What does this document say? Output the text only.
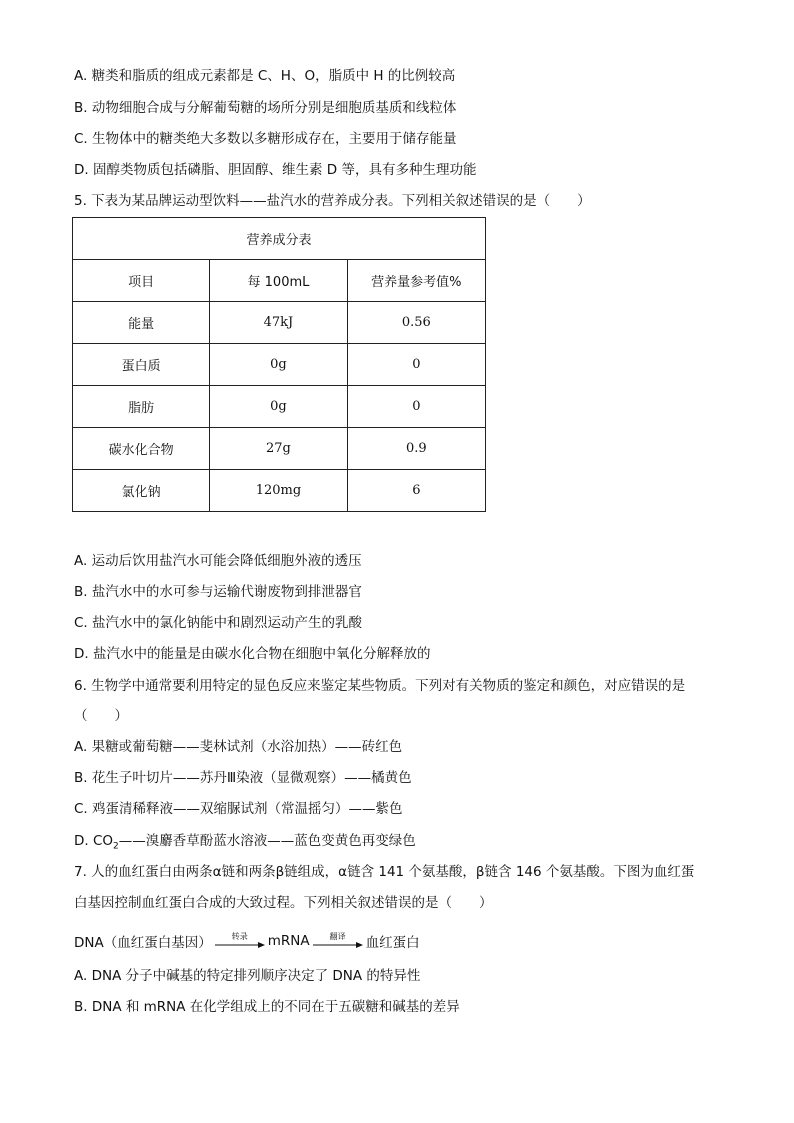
A. 糖类和脂质的组成元素都是 C、H、O，脂质中 H 的比例较高
B. 动物细胞合成与分解葡萄糖的场所分别是细胞质基质和线粒体
C. 生物体中的糖类绝大多数以多糖形成存在，主要用于储存能量
D. 固醇类物质包括磷脂、胆固醇、维生素 D 等，具有多种生理功能
5. 下表为某品牌运动型饮料——盐汽水的营养成分表。下列相关叙述错误的是（　　）
营养成分表		
项目	每 100mL	营养量参考值%
能量	47kJ	0.56
蛋白质	0g	0
脂肪	0g	0
碳水化合物	27g	0.9
氯化钠	120mg	6
A. 运动后饮用盐汽水可能会降低细胞外液的透压
B. 盐汽水中的水可参与运输代谢废物到排泄器官
C. 盐汽水中的氯化钠能中和剧烈运动产生的乳酸
D. 盐汽水中的能量是由碳水化合物在细胞中氧化分解释放的
6. 生物学中通常要利用特定的显色反应来鉴定某些物质。下列对有关物质的鉴定和颜色，对应错误的是
（　　）
A. 果糖或葡萄糖——斐林试剂（水浴加热）——砖红色
B. 花生子叶切片——苏丹Ⅲ染液（显微观察）——橘黄色
C. 鸡蛋清稀释液——双缩脲试剂（常温摇匀）——紫色
D. $CO_2——$溴麝香草酚蓝水溶液——蓝色变黄色再变绿色
7. 人的血红蛋白由两条α链和两条β链组成，α链含 141 个氨基酸，β链含 146 个氨基酸。下图为血红蛋
白基因控制血红蛋白合成的大致过程。下列相关叙述错误的是（　　）
DNA（血红蛋白基因）	转录 mRNA	翻译 血红蛋白
A. DNA 分子中碱基的特定排列顺序决定了 DNA 的特异性
B. DNA 和 mRNA 在化学组成上的不同在于五碳糖和碱基的差异
